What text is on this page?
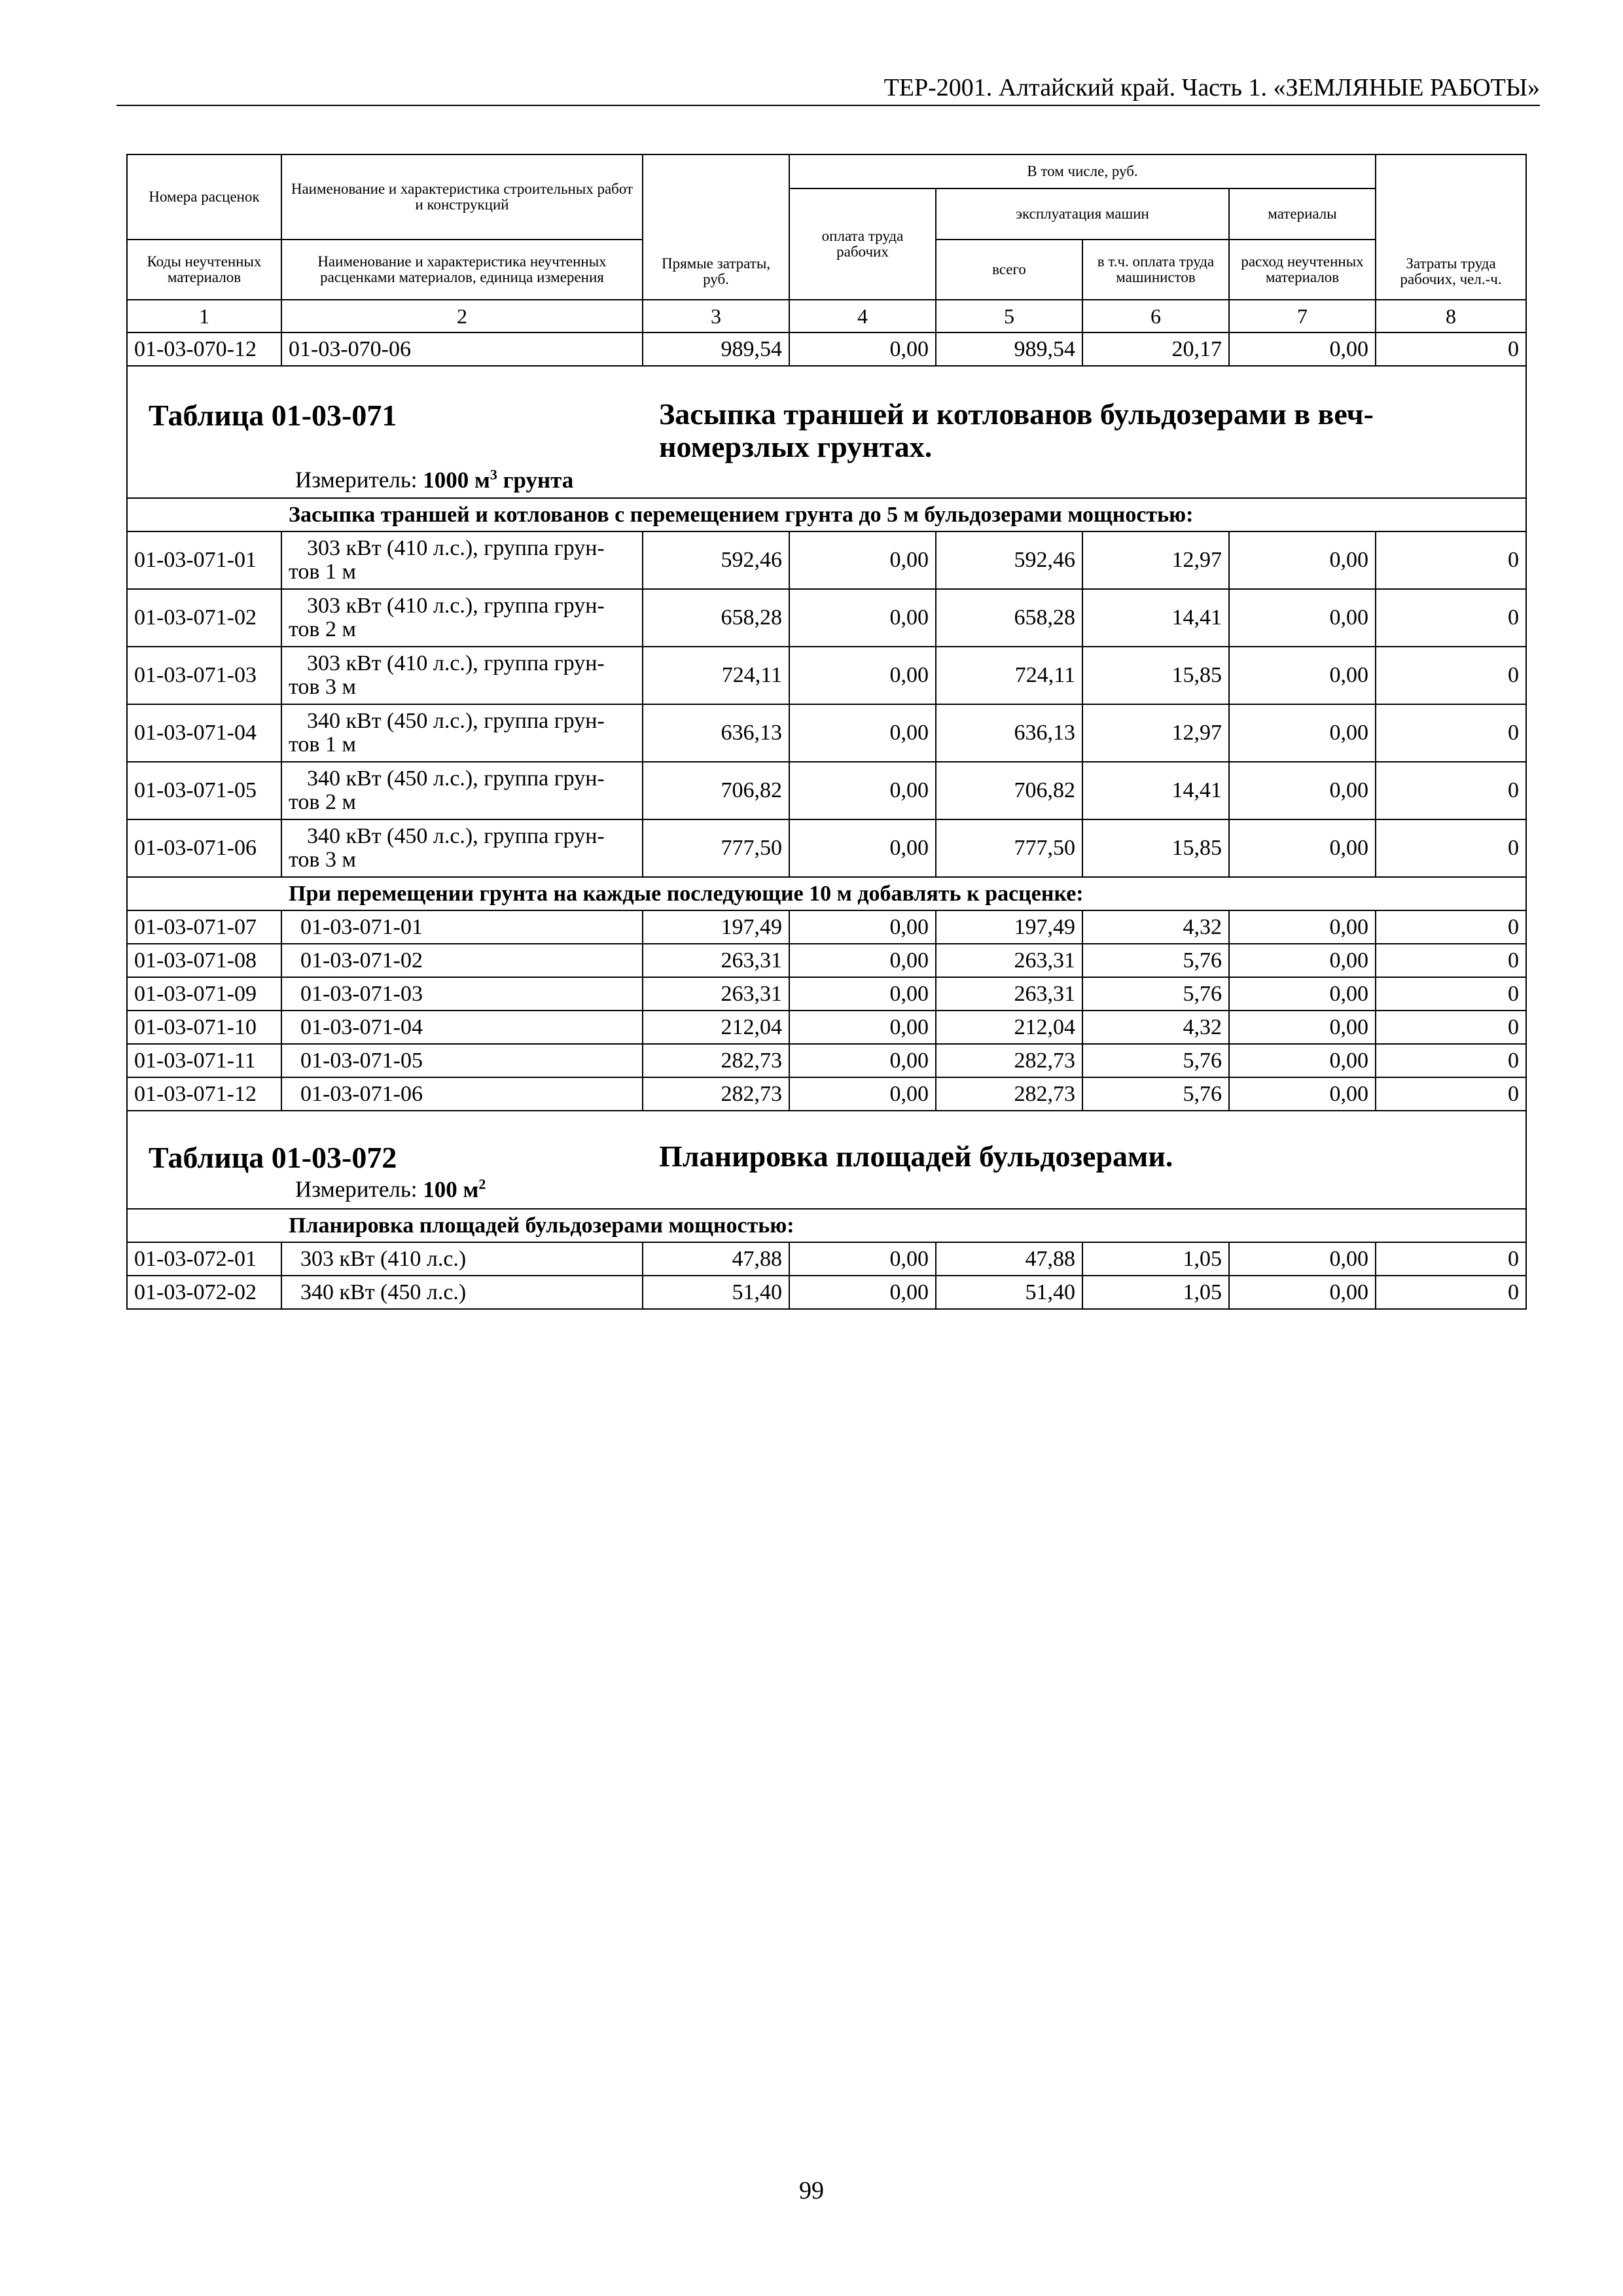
ТЕР-2001. Алтайский край. Часть 1. «ЗЕМЛЯНЫЕ РАБОТЫ»
Номера расценок	Наименование и характеристика строительных работ и конструкций	Прямые затраты, руб.	В том числе, руб.				Затраты труда рабочих, чел.-ч.
			оплата труда рабочих	эксплуатация машин		материалы	
Коды неучтенных материалов	Наименование и характеристика неучтенных расценками материалов, единица измерения			всего	в т.ч. оплата труда машинистов	расход неучтенных материалов	
1	2	3	4	5	6	7	8
01-03-070-12	01-03-070-06	989,54	0,00	989,54	20,17	0,00	0

Таблица 01-03-071 Засыпка траншей и котлованов бульдозерами в веч-
номерзлых грунтах.
Измеритель: 1000 $м^3$ грунта							

Засыпка траншей и котлованов с перемещением грунта до 5 м бульдозерами мощностью:							
01-03-071-01	303 кВт (410 л.с.), группа грун-
тов 1 м	592,46	0,00	592,46	12,97	0,00	0
01-03-071-02	303 кВт (410 л.с.), группа грун-
тов 2 м	658,28	0,00	658,28	14,41	0,00	0
01-03-071-03	303 кВт (410 л.с.), группа грун-
тов 3 м	724,11	0,00	724,11	15,85	0,00	0
01-03-071-04	340 кВт (450 л.с.), группа грун-
тов 1 м	636,13	0,00	636,13	12,97	0,00	0
01-03-071-05	340 кВт (450 л.с.), группа грун-
тов 2 м	706,82	0,00	706,82	14,41	0,00	0
01-03-071-06	340 кВт (450 л.с.), группа грун-
тов 3 м	777,50	0,00	777,50	15,85	0,00	0
При перемещении грунта на каждые последующие 10 м добавлять к расценке:							
01-03-071-07	01-03-071-01	197,49	0,00	197,49	4,32	0,00	0
01-03-071-08	01-03-071-02	263,31	0,00	263,31	5,76	0,00	0
01-03-071-09	01-03-071-03	263,31	0,00	263,31	5,76	0,00	0
01-03-071-10	01-03-071-04	212,04	0,00	212,04	4,32	0,00	0
01-03-071-11	01-03-071-05	282,73	0,00	282,73	5,76	0,00	0
01-03-071-12	01-03-071-06	282,73	0,00	282,73	5,76	0,00	0

Таблица 01-03-072 Планировка площадей бульдозерами.
Измеритель: 100 $м^2$

Планировка площадей бульдозерами мощностью:							
01-03-072-01	303 кВт (410 л.с.)	47,88	0,00	47,88	1,05	0,00	0
01-03-072-02	340 кВт (450 л.с.)	51,40	0,00	51,40	1,05	0,00	0
99
